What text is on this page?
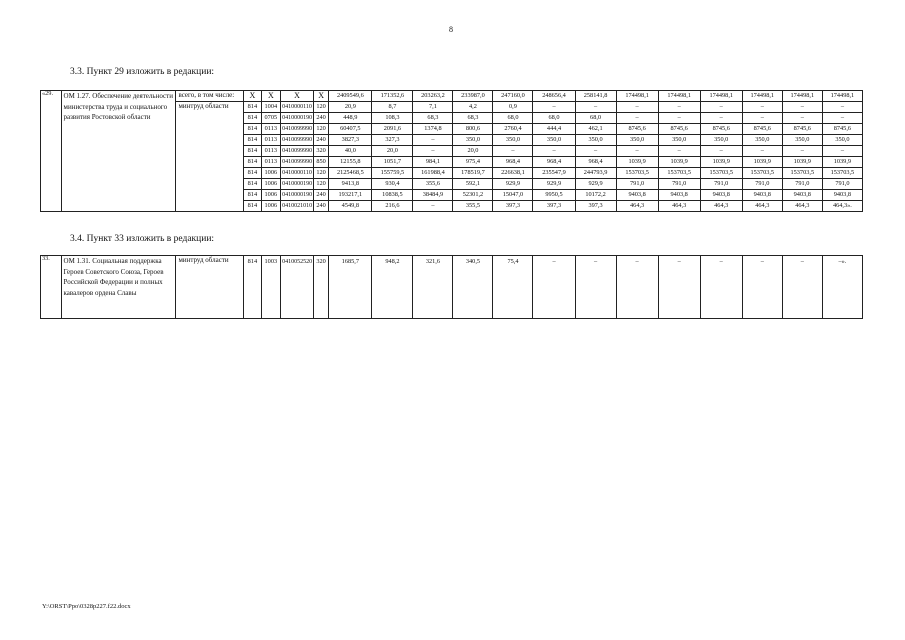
8
3.3. Пункт 29 изложить в редакции:
«29.	ОМ 1.27. Обеспечение деятельности министерства труда и социального развития Ростовской области	всего, в том числе:	X	X	X	X	2409549,6	171352,6	203263,2	233987,0	247160,0	248656,4	258141,8	174498,1	174498,1	174498,1	174498,1	174498,1	174498,1
		минтруд области	814	1004	0410000110	120	20,9	8,7	7,1	4,2	0,9	–	–	–	–	–	–	–	–
			814	0705	0410000190	240	448,9	108,3	68,3	68,3	68,0	68,0	68,0	–	–	–	–	–	–
			814	0113	0410099990	120	60407,5	2091,6	1374,8	800,6	2760,4	444,4	462,1	8745,6	8745,6	8745,6	8745,6	8745,6	8745,6
			814	0113	0410099990	240	3827,3	327,3	–	350,0	350,0	350,0	350,0	350,0	350,0	350,0	350,0	350,0	350,0
			814	0113	0410099990	320	40,0	20,0	–	20,0	–	–	–	–	–	–	–	–	–
			814	0113	0410099990	850	12155,8	1051,7	984,1	975,4	968,4	968,4	968,4	1039,9	1039,9	1039,9	1039,9	1039,9	1039,9
			814	1006	0410000110	120	2125468,5	155759,5	161988,4	178519,7	226638,1	235547,9	244793,9	153703,5	153703,5	153703,5	153703,5	153703,5	153703,5
			814	1006	0410000190	120	9413,8	930,4	355,6	592,1	929,9	929,9	929,9	791,0	791,0	791,0	791,0	791,0	791,0
			814	1006	0410000190	240	193217,1	10838,5	38484,9	52301,2	15047,0	9950,5	10172,2	9403,8	9403,8	9403,8	9403,8	9403,8	9403,8
			814	1006	0410021010	240	4549,8	216,6	–	355,5	397,3	397,3	397,3	464,3	464,3	464,3	464,3	464,3	464,3».
3.4. Пункт 33 изложить в редакции:
33.	ОМ 1.31. Социальная поддержка Героев Советского Союза, Героев Российской Федерации и полных кавалеров ордена Славы	минтруд области	814	1003	0410052520	320	1685,7	948,2	321,6	340,5	75,4	–	–	–	–	–	–	–	–».
Y:\ORST\Ppo\0328p227.f22.docx
